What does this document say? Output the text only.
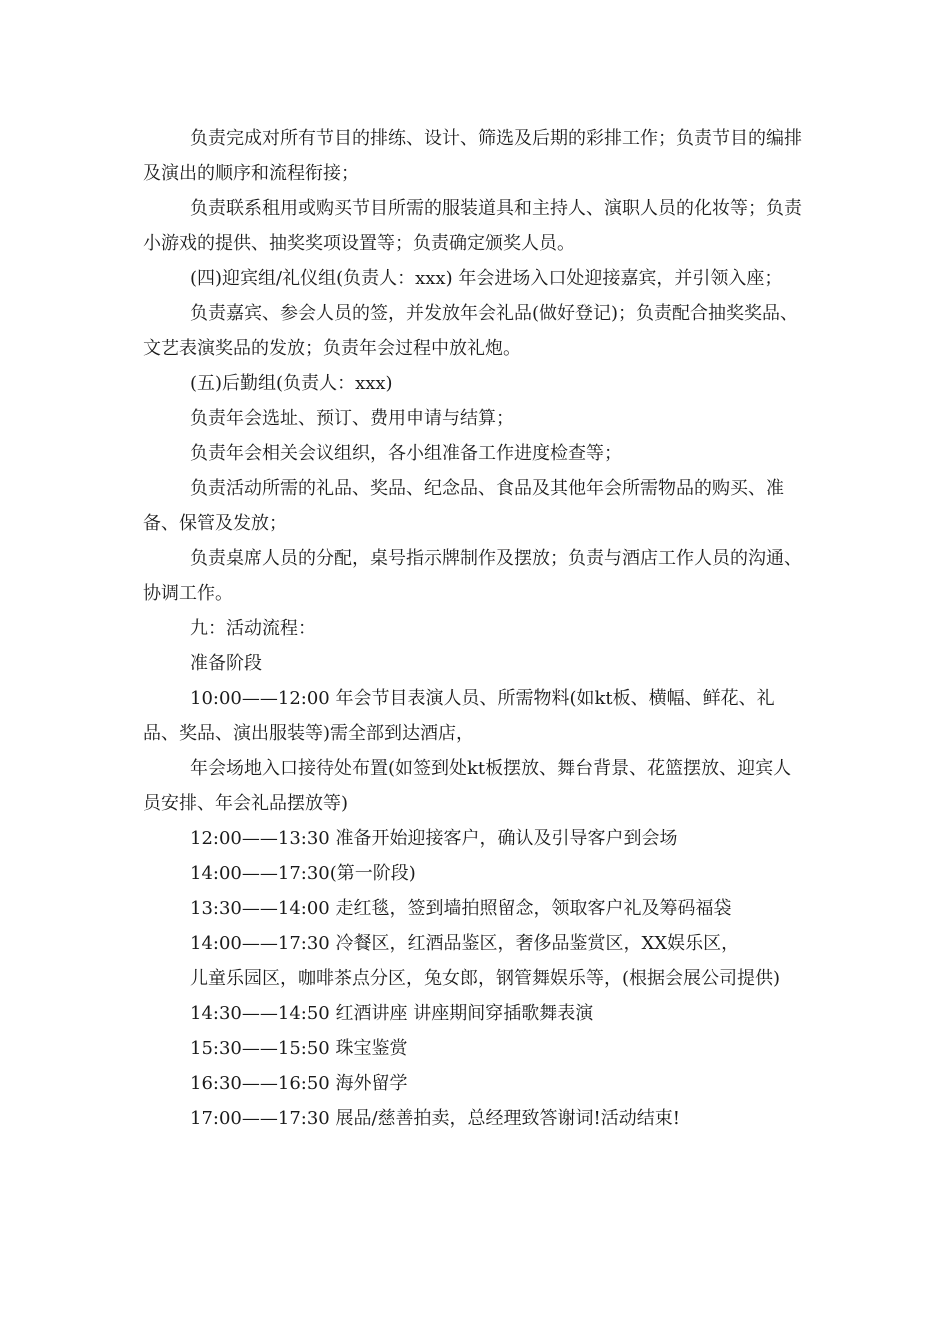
负责完成对所有节目的排练、设计、筛选及后期的彩排工作；负责节目的编排及演出的顺序和流程衔接；

负责联系租用或购买节目所需的服装道具和主持人、演职人员的化妆等；负责小游戏的提供、抽奖奖项设置等；负责确定颁奖人员。

(四)迎宾组/礼仪组(负责人：xxx) 年会进场入口处迎接嘉宾，并引领入座；

负责嘉宾、参会人员的签，并发放年会礼品(做好登记)；负责配合抽奖奖品、文艺表演奖品的发放；负责年会过程中放礼炮。

(五)后勤组(负责人：xxx)

负责年会选址、预订、费用申请与结算；

负责年会相关会议组织，各小组准备工作进度检查等；

负责活动所需的礼品、奖品、纪念品、食品及其他年会所需物品的购买、准备、保管及发放；

负责桌席人员的分配，桌号指示牌制作及摆放；负责与酒店工作人员的沟通、协调工作。

九：活动流程：

准备阶段

10:00——12:00 年会节目表演人员、所需物料(如kt板、横幅、鲜花、礼品、奖品、演出服装等)需全部到达酒店，

年会场地入口接待处布置(如签到处kt板摆放、舞台背景、花篮摆放、迎宾人员安排、年会礼品摆放等)

12:00——13:30 准备开始迎接客户，确认及引导客户到会场

14:00——17:30(第一阶段)

13:30——14:00 走红毯，签到墙拍照留念，领取客户礼及筹码福袋

14:00——17:30 冷餐区，红酒品鉴区，奢侈品鉴赏区，XX娱乐区，

儿童乐园区，咖啡茶点分区，兔女郎，钢管舞娱乐等，(根据会展公司提供)

14:30——14:50 红酒讲座 讲座期间穿插歌舞表演

15:30——15:50 珠宝鉴赏

16:30——16:50 海外留学

17:00——17:30 展品/慈善拍卖，总经理致答谢词!活动结束!
